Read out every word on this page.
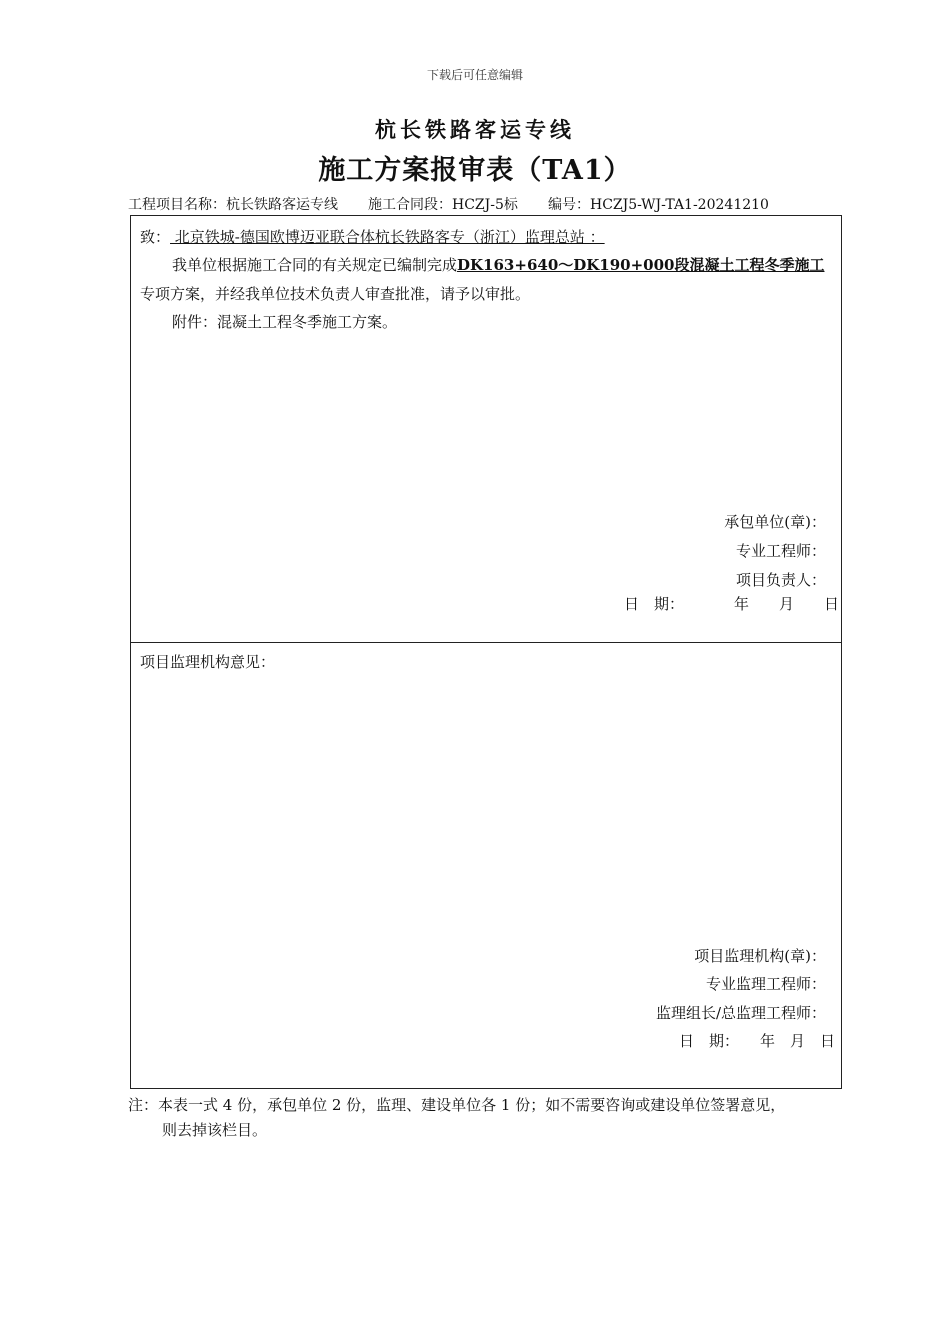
下载后可任意编辑
杭长铁路客运专线
施工方案报审表（TA1）
工程项目名称：杭长铁路客运专线 施工合同段：HCZJ-5标 编号：HCZJ5-WJ-TA1-20241210
致： 北京铁城-德国欧博迈亚联合体杭长铁路客专（浙江）监理总站 ：
我单位根据施工合同的有关规定已编制完成DK163+640～DK190+000段混凝土工程冬季施工
专项方案，并经我单位技术负责人审查批准，请予以审批。
附件：混凝土工程冬季施工方案。
承包单位(章)：
专业工程师：
项目负责人：
日　期：	年　　月　　日
项目监理机构意见：
项目监理机构(章)：
专业监理工程师：
监理组长/总监理工程师：
日　期： 年　月　日
注：本表一式 4 份，承包单位 2 份，监理、建设单位各 1 份；如不需要咨询或建设单位签署意见，
则去掉该栏目。
